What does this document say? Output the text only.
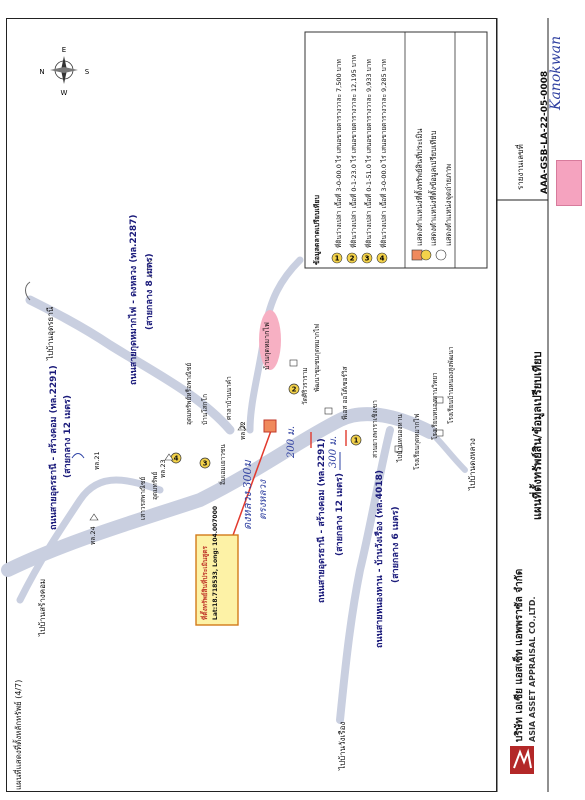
แผนที่แสดงที่ตั้งหลักทรัพย์ (4/7)
1
2
3
4
E
W
N	S
1 2 3 4
Kanokwan
รายงานเลขที่ AAA-GSB-LA-22-05-0008
แผนที่ตั้งทรัพย์สิน/ข้อมูลเปรียบเทียบ
บริษัท เอเซีย แอสเซ็ท แอพพราซัล จำกัด ASIA ASSET APPRAISAL CO.,LTD.
แสดงตำแหน่งที่ตั้งทรัพย์สินที่ประเมิน แสดงตำแหน่งที่ตั้งข้อมูลเปรียบเทียบ แสดงตำแหน่งจุดถ่ายภาพ
ข้อมูลตลาดเปรียบเทียบ	ที่ดินว่างเปล่า เนื้อที่ 3-0-00.0 ไร่ เสนอขายตารางวาละ
7,500 บาท
ที่ดินว่างเปล่า เนื้อที่ 0-1-23.0 ไร่ เสนอขายตารางวาละ
12,195 บาท
ที่ดินว่างเปล่า เนื้อที่ 0-1-51.0 ไร่ เสนอขายตารางวาละ
9,933 บาท
ที่ดินว่างเปล่า เนื้อที่ 3-0-00.0 ไร่ เสนอขายตารางวาละ
9,285 บาท
ถนนสายอุดรธานี - สร้างคอม (ทล.2291) (สายกลาง 12 เมตร)
ถนนสายกุดหมากไฟ - ดงหลวง (ทล.2287) (สายกลาง 8 เมตร)
ถนนสายอุดรธานี - สร้างคอม (ทล.2291) (สายกลาง 12 เมตร)	ถนนสายหนองหาน - บ้านวังเรือง (ทล.4018) (สายกลาง 6 เมตร)
ไปบ้านสร้างคอม
ไปบ้านอุดรธานี
ไปบ้านวังเรือง
ไปบ้านดงหลวง
ที่ตั้งทรัพย์สินที่ประเมินสูตร Lat:18.718533, Long: 104.007000
บ้านกุดหมากไฟ
ทล.24
ทล.23
ทล.21
ทล.22
เสาวรสพาณิชย์ อุดมทรัพย์
บ้านโสกโก
อุดมทรัพย์หรือพาณิชย์	ศาลาบ้านนาคำ
อิ่มเอมเยาวชน
วัดศิริวราราม พัฒนาชุมชนกุดหมากไฟ
พีเอส ออโต้เซอร์วิส
สวนยางพาราเชิงเขา	ไปบ้านหนองหาน	โรงเรียนหนองหานวิทยา
โรงเรียนกุดหมากไฟ
โรงเรียนบ้านหนองสูงพัฒนา
200 ม.	300 ม.
ดงหลวง 300ม ตรงหลวง
